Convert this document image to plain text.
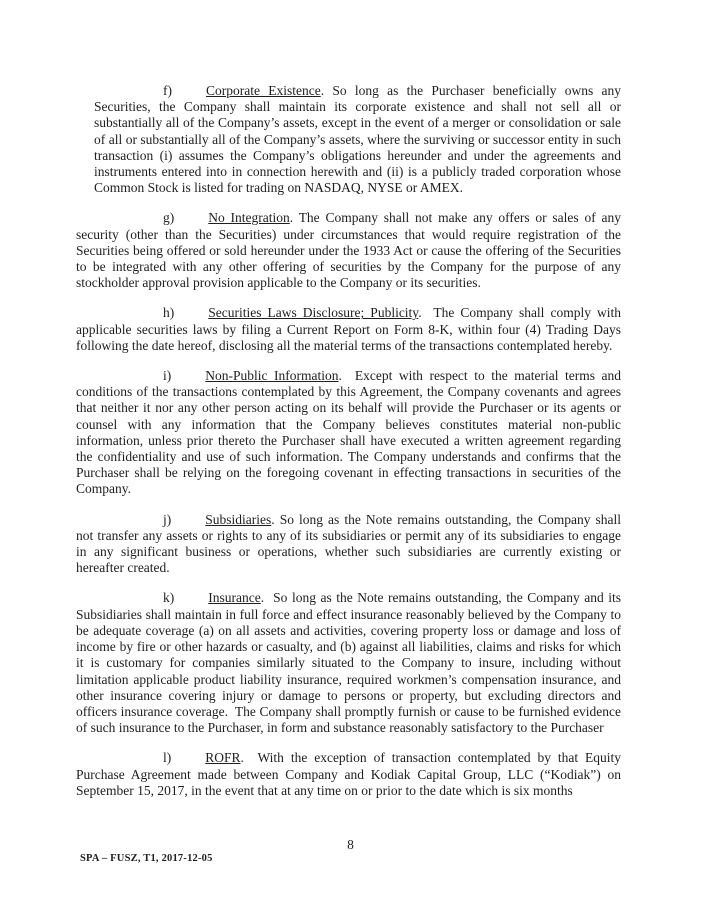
f)	Corporate Existence. So long as the Purchaser beneficially owns any Securities, the Company shall maintain its corporate existence and shall not sell all or substantially all of the Company’s assets, except in the event of a merger or consolidation or sale of all or substantially all of the Company’s assets, where the surviving or successor entity in such transaction (i) assumes the Company’s obligations hereunder and under the agreements and instruments entered into in connection herewith and (ii) is a publicly traded corporation whose Common Stock is listed for trading on NASDAQ, NYSE or AMEX.

g)	No Integration. The Company shall not make any offers or sales of any security (other than the Securities) under circumstances that would require registration of the Securities being offered or sold hereunder under the 1933 Act or cause the offering of the Securities to be integrated with any other offering of securities by the Company for the purpose of any stockholder approval provision applicable to the Company or its securities.

h)	Securities Laws Disclosure; Publicity.  The Company shall comply with applicable securities laws by filing a Current Report on Form 8-K, within four (4) Trading Days following the date hereof, disclosing all the material terms of the transactions contemplated hereby.

i)	Non-Public Information.  Except with respect to the material terms and conditions of the transactions contemplated by this Agreement, the Company covenants and agrees that neither it nor any other person acting on its behalf will provide the Purchaser or its agents or counsel with any information that the Company believes constitutes material non-public information, unless prior thereto the Purchaser shall have executed a written agreement regarding the confidentiality and use of such information. The Company understands and confirms that the Purchaser shall be relying on the foregoing covenant in effecting transactions in securities of the Company.

j)	Subsidiaries. So long as the Note remains outstanding, the Company shall not transfer any assets or rights to any of its subsidiaries or permit any of its subsidiaries to engage in any significant business or operations, whether such subsidiaries are currently existing or hereafter created.

k)	Insurance.  So long as the Note remains outstanding, the Company and its Subsidiaries shall maintain in full force and effect insurance reasonably believed by the Company to be adequate coverage (a) on all assets and activities, covering property loss or damage and loss of income by fire or other hazards or casualty, and (b) against all liabilities, claims and risks for which it is customary for companies similarly situated to the Company to insure, including without limitation applicable product liability insurance, required workmen’s compensation insurance, and other insurance covering injury or damage to persons or property, but excluding directors and officers insurance coverage.  The Company shall promptly furnish or cause to be furnished evidence of such insurance to the Purchaser, in form and substance reasonably satisfactory to the Purchaser

l)	ROFR.  With the exception of transaction contemplated by that Equity Purchase Agreement made between Company and Kodiak Capital Group, LLC (“Kodiak”) on September 15, 2017, in the event that at any time on or prior to the date which is six months

8
SPA – FUSZ, T1, 2017-12-05
